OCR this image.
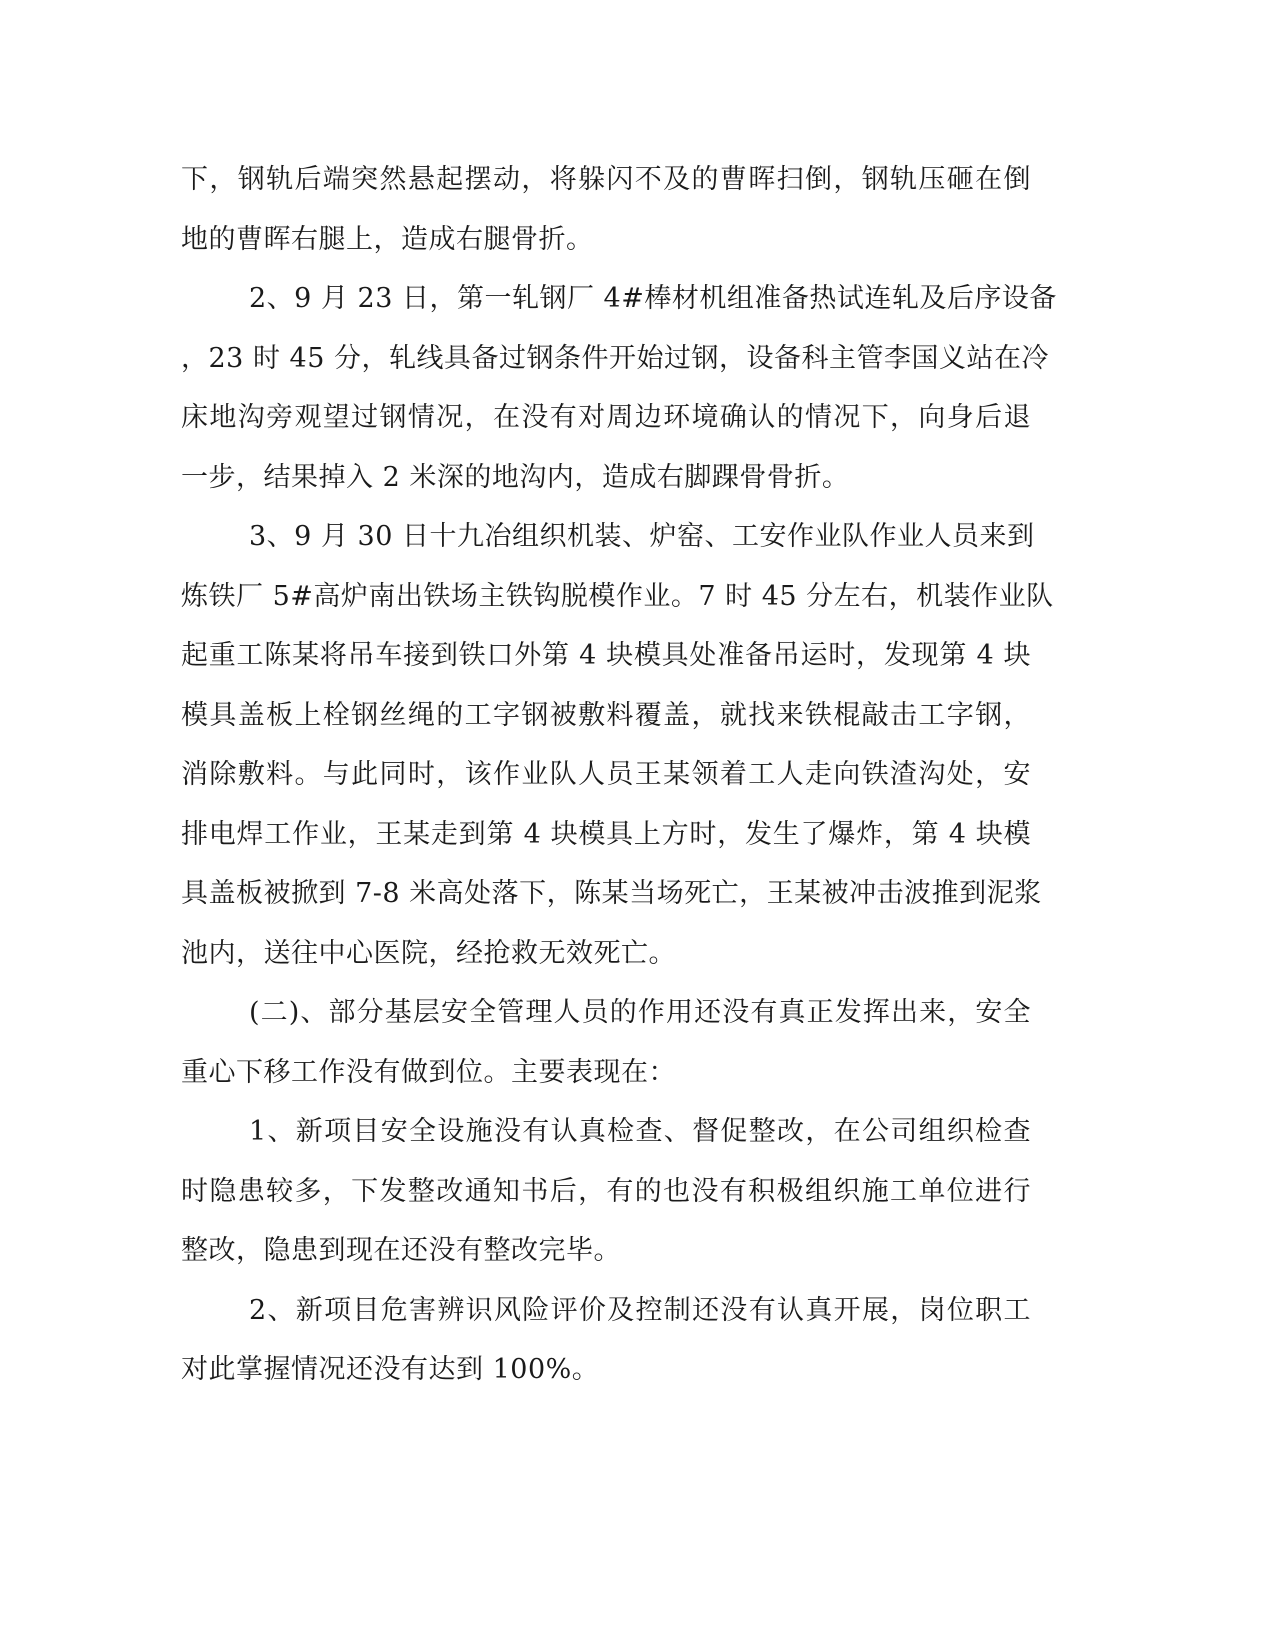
下，钢轨后端突然悬起摆动，将躲闪不及的曹晖扫倒，钢轨压砸在倒
地的曹晖右腿上，造成右腿骨折。
2、9 月 23 日，第一轧钢厂 4#棒材机组准备热试连轧及后序设备
，23 时 45 分，轧线具备过钢条件开始过钢，设备科主管李国义站在冷
床地沟旁观望过钢情况，在没有对周边环境确认的情况下，向身后退
一步，结果掉入 2 米深的地沟内，造成右脚踝骨骨折。
3、9 月 30 日十九冶组织机装、炉窑、工安作业队作业人员来到
炼铁厂 5#高炉南出铁场主铁钩脱模作业。7 时 45 分左右，机装作业队
起重工陈某将吊车接到铁口外第 4 块模具处准备吊运时，发现第 4 块
模具盖板上栓钢丝绳的工字钢被敷料覆盖，就找来铁棍敲击工字钢，
消除敷料。与此同时，该作业队人员王某领着工人走向铁渣沟处，安
排电焊工作业，王某走到第 4 块模具上方时，发生了爆炸，第 4 块模
具盖板被掀到 7-8 米高处落下，陈某当场死亡，王某被冲击波推到泥浆
池内，送往中心医院，经抢救无效死亡。
(二)、部分基层安全管理人员的作用还没有真正发挥出来，安全
重心下移工作没有做到位。主要表现在：
1、新项目安全设施没有认真检查、督促整改，在公司组织检查
时隐患较多，下发整改通知书后，有的也没有积极组织施工单位进行
整改，隐患到现在还没有整改完毕。
2、新项目危害辨识风险评价及控制还没有认真开展，岗位职工
对此掌握情况还没有达到 100%。
